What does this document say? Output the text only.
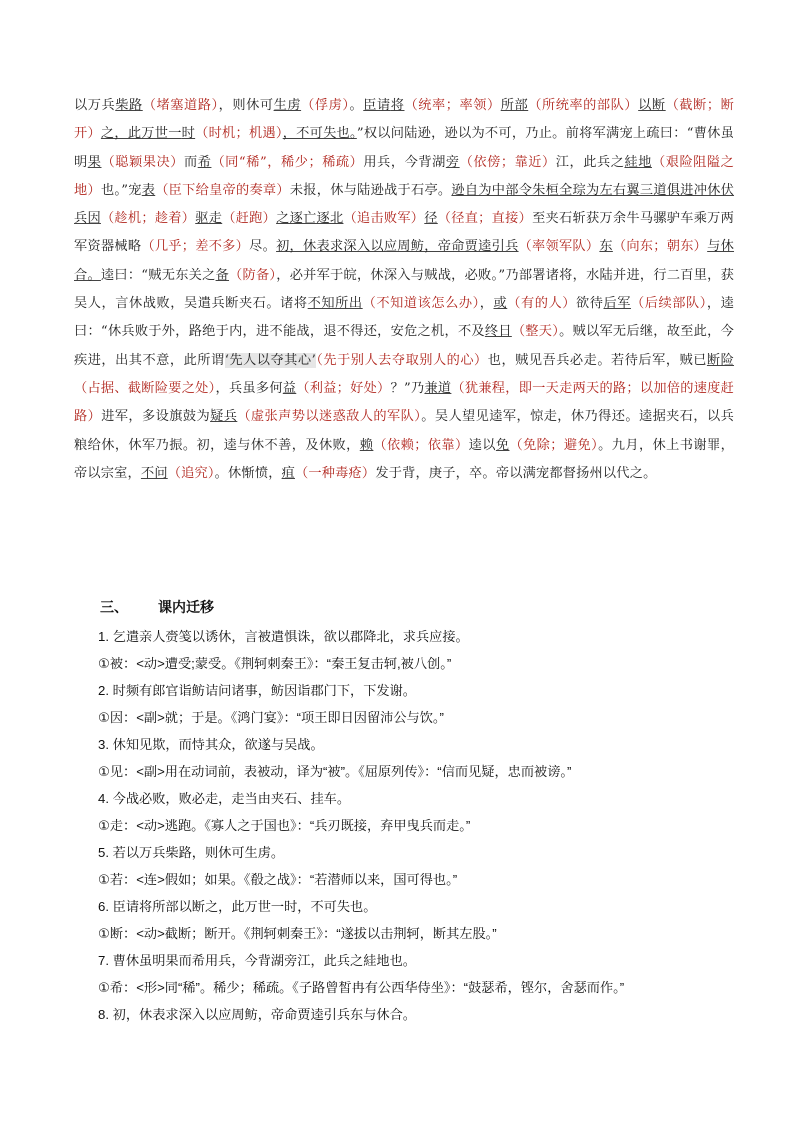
以万兵柴路（堵塞道路），则休可生虏（俘虏）。臣请将（统率；率领）所部（所统率的部队）以断（截断；断开）之，此万世一时（时机；机遇），不可失也。”权以问陆逊，逊以为不可，乃止。前将军满宠上疏曰：“曹休虽明果（聪颖果决）而希（同“稀”，稀少；稀疏）用兵，今背湖旁（依傍；靠近）江，此兵之絓地（艰险阻隘之地）也。”宠表（臣下给皇帝的奏章）未报，休与陆逊战于石亭。逊自为中部令朱桓全琮为左右翼三道俱进冲休伏兵因（趁机；趁着）驱走（赶跑）之逐亡逐北（追击败军）径（径直；直接）至夹石斩获万余牛马骡驴车乘万两军资器械略（几乎；差不多）尽。初，休表求深入以应周鲂，帝命贾逵引兵（率领军队）东（向东；朝东）与休合。逵曰：“贼无东关之备（防备），必并军于皖，休深入与贼战，必败。”乃部署诸将，水陆并进，行二百里，获吴人，言休战败，吴遣兵断夹石。诸将不知所出（不知道该怎么办），或（有的人）欲待后军（后续部队），逵曰：“休兵败于外，路绝于内，进不能战，退不得还，安危之机，不及终日（整天）。贼以军无后继，故至此，今疾进，出其不意，此所谓‘先人以夺其心’（先于别人去夺取别人的心）也，贼见吾兵必走。若待后军，贼已断险（占据、截断险要之处），兵虽多何益（利益；好处）？”乃兼道（犹兼程，即一天走两天的路；以加倍的速度赶路）进军，多设旗鼓为疑兵（虚张声势以迷惑敌人的军队）。吴人望见逵军，惊走，休乃得还。逵据夹石，以兵粮给休，休军乃振。初，逵与休不善，及休败，赖（依赖；依靠）逵以免（免除；避免）。九月，休上书谢罪，帝以宗室，不问（追究）。休惭愤，疽（一种毒疮）发于背，庚子，卒。帝以满宠都督扬州以代之。

三、 课内迁移

1. 乞遣亲人赍笺以诱休，言被遣惧诛，欲以郡降北，求兵应接。

①被：<动>遭受;蒙受。《荆轲刺秦王》：“秦王复击轲,被八创。”

2. 时频有郎官诣鲂诘问诸事，鲂因诣郡门下，下发谢。

①因：<副>就；于是。《鸿门宴》：“项王即日因留沛公与饮。”

3. 休知见欺，而恃其众，欲遂与吴战。

①见：<副>用在动词前，表被动，译为“被”。《屈原列传》：“信而见疑，忠而被谤。”

4. 今战必败，败必走，走当由夹石、挂车。

①走：<动>逃跑。《寡人之于国也》：“兵刃既接，弃甲曳兵而走。”

5. 若以万兵柴路，则休可生虏。

①若：<连>假如；如果。《殽之战》：“若潜师以来，国可得也。”

6. 臣请将所部以断之，此万世一时，不可失也。

①断：<动>截断；断开。《荆轲刺秦王》：“遂拔以击荆轲，断其左股。”

7. 曹休虽明果而希用兵，今背湖旁江，此兵之絓地也。

①希：<形>同“稀”。稀少；稀疏。《子路曾皙冉有公西华侍坐》：“鼓瑟希，铿尔，舍瑟而作。”

8. 初，休表求深入以应周鲂，帝命贾逵引兵东与休合。
